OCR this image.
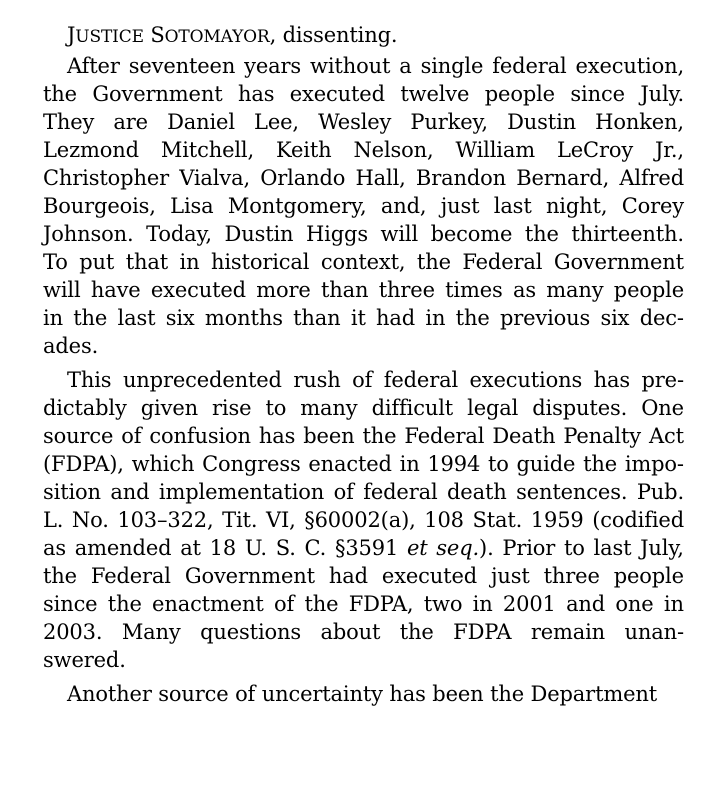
JUSTICE SOTOMAYOR, dissenting.
After seventeen years without a single federal execution,
the Government has executed twelve people since July.
They are Daniel Lee, Wesley Purkey, Dustin Honken,
Lezmond Mitchell, Keith Nelson, William LeCroy Jr.,
Christopher Vialva, Orlando Hall, Brandon Bernard, Alfred
Bourgeois, Lisa Montgomery, and, just last night, Corey
Johnson. Today, Dustin Higgs will become the thirteenth.
To put that in historical context, the Federal Government
will have executed more than three times as many people
in the last six months than it had in the previous six dec-
ades.
This unprecedented rush of federal executions has pre-
dictably given rise to many difficult legal disputes. One
source of confusion has been the Federal Death Penalty Act
(FDPA), which Congress enacted in 1994 to guide the impo-
sition and implementation of federal death sentences. Pub.
L. No. 103–322, Tit. VI, §60002(a), 108 Stat. 1959 (codified
as amended at 18 U. S. C. §3591 et seq.). Prior to last July,
the Federal Government had executed just three people
since the enactment of the FDPA, two in 2001 and one in
2003. Many questions about the FDPA remain unan-
swered.
Another source of uncertainty has been the Department
